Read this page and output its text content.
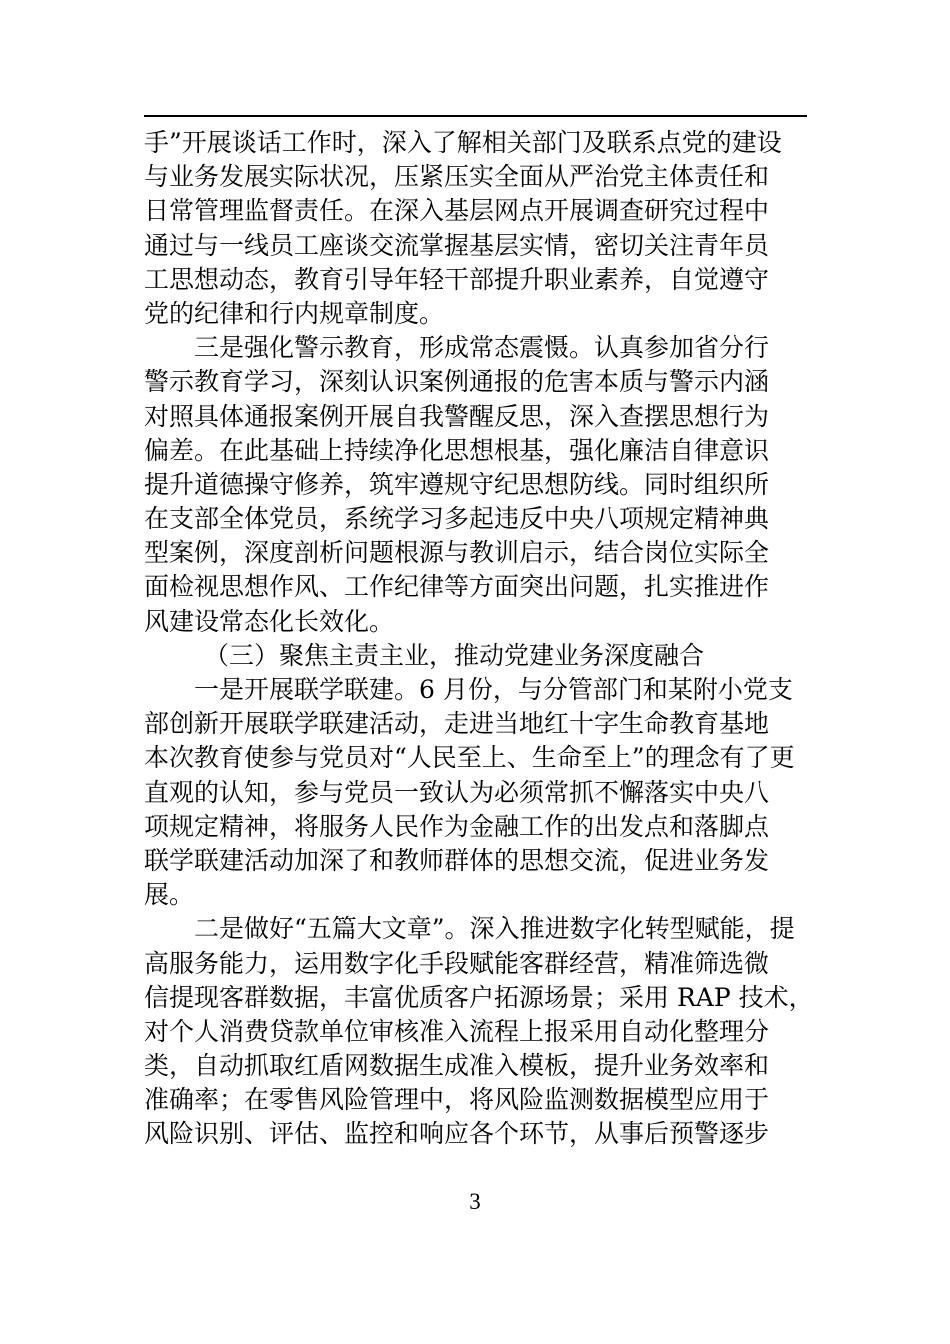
手”开展谈话工作时，深入了解相关部门及联系点党的建设
与业务发展实际状况，压紧压实全面从严治党主体责任和
日常管理监督责任。在深入基层网点开展调查研究过程中
通过与一线员工座谈交流掌握基层实情，密切关注青年员
工思想动态，教育引导年轻干部提升职业素养，自觉遵守
党的纪律和行内规章制度。
三是强化警示教育，形成常态震慑。认真参加省分行
警示教育学习，深刻认识案例通报的危害本质与警示内涵
对照具体通报案例开展自我警醒反思，深入查摆思想行为
偏差。在此基础上持续净化思想根基，强化廉洁自律意识
提升道德操守修养，筑牢遵规守纪思想防线。同时组织所
在支部全体党员，系统学习多起违反中央八项规定精神典
型案例，深度剖析问题根源与教训启示，结合岗位实际全
面检视思想作风、工作纪律等方面突出问题，扎实推进作
风建设常态化长效化。
（三）聚焦主责主业，推动党建业务深度融合
一是开展联学联建。6 月份，与分管部门和某附小党支
部创新开展联学联建活动，走进当地红十字生命教育基地
本次教育使参与党员对“人民至上、生命至上”的理念有了更
直观的认知，参与党员一致认为必须常抓不懈落实中央八
项规定精神，将服务人民作为金融工作的出发点和落脚点
联学联建活动加深了和教师群体的思想交流，促进业务发
展。
二是做好“五篇大文章”。深入推进数字化转型赋能，提
高服务能力，运用数字化手段赋能客群经营，精准筛选微
信提现客群数据，丰富优质客户拓源场景；采用 RAP 技术，
对个人消费贷款单位审核准入流程上报采用自动化整理分
类，自动抓取红盾网数据生成准入模板，提升业务效率和
准确率；在零售风险管理中，将风险监测数据模型应用于
风险识别、评估、监控和响应各个环节，从事后预警逐步
3
